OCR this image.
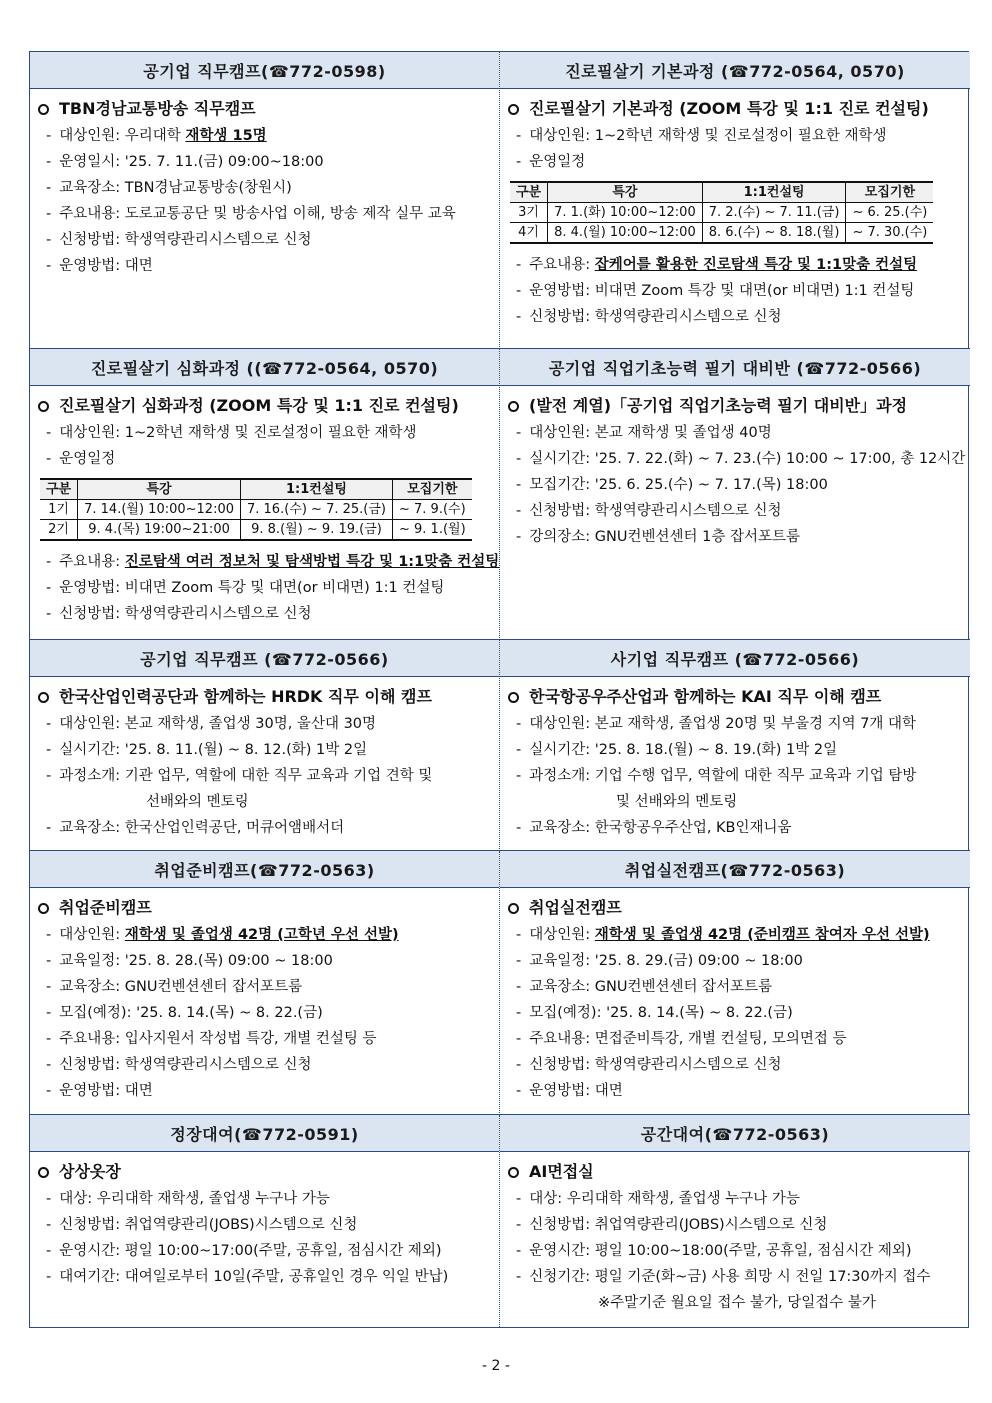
공기업 직무캠프(☎772-0598)
TBN경남교통방송 직무캠프
- 대상인원: 우리대학 재학생 15명
- 운영일시: '25. 7. 11.(금) 09:00~18:00
- 교육장소: TBN경남교통방송(창원시)
- 주요내용: 도로교통공단 및 방송사업 이해, 방송 제작 실무 교육
- 신청방법: 학생역량관리시스템으로 신청
- 운영방법: 대면
진로필살기 기본과정 (☎772-0564, 0570)
진로필살기 기본과정 (ZOOM 특강 및 1:1 진로 컨설팅)
- 대상인원: 1~2학년 재학생 및 진로설정이 필요한 재학생
- 운영일정
구분	특강	1:1컨설팅	모집기한
3기	7. 1.(화) 10:00~12:00	7. 2.(수) ~ 7. 11.(금)	~ 6. 25.(수)
4기	8. 4.(월) 10:00~12:00	8. 6.(수) ~ 8. 18.(월)	~ 7. 30.(수)
- 주요내용: 잡케어를 활용한 진로탐색 특강 및 1:1맞춤 컨설팅
- 운영방법: 비대면 Zoom 특강 및 대면(or 비대면) 1:1 컨설팅
- 신청방법: 학생역량관리시스템으로 신청
진로필살기 심화과정 ((☎772-0564, 0570)
진로필살기 심화과정 (ZOOM 특강 및 1:1 진로 컨설팅)
- 대상인원: 1~2학년 재학생 및 진로설정이 필요한 재학생
- 운영일정
구분	특강	1:1컨설팅	모집기한
1기	7. 14.(월) 10:00~12:00	7. 16.(수) ~ 7. 25.(금)	~ 7. 9.(수)
2기	9. 4.(목) 19:00~21:00	9. 8.(월) ~ 9. 19.(금)	~ 9. 1.(월)
- 주요내용: 진로탐색 여러 정보처 및 탐색방법 특강 및 1:1맞춤 컨설팅
- 운영방법: 비대면 Zoom 특강 및 대면(or 비대면) 1:1 컨설팅
- 신청방법: 학생역량관리시스템으로 신청
공기업 직업기초능력 필기 대비반 (☎772-0566)
(발전 계열)「공기업 직업기초능력 필기 대비반」과정
- 대상인원: 본교 재학생 및 졸업생 40명
- 실시기간: '25. 7. 22.(화) ~ 7. 23.(수) 10:00 ~ 17:00, 총 12시간
- 모집기간: '25. 6. 25.(수) ~ 7. 17.(목) 18:00
- 신청방법: 학생역량관리시스템으로 신청
- 강의장소: GNU컨벤션센터 1층 잡서포트룸
공기업 직무캠프 (☎772-0566)
한국산업인력공단과 함께하는 HRDK 직무 이해 캠프
- 대상인원: 본교 재학생, 졸업생 30명, 울산대 30명
- 실시기간: '25. 8. 11.(월) ~ 8. 12.(화) 1박 2일
- 과정소개: 기관 업무, 역할에 대한 직무 교육과 기업 견학 및
선배와의 멘토링
- 교육장소: 한국산업인력공단, 머큐어앰배서더
사기업 직무캠프 (☎772-0566)
한국항공우주산업과 함께하는 KAI 직무 이해 캠프
- 대상인원: 본교 재학생, 졸업생 20명 및 부울경 지역 7개 대학
- 실시기간: '25. 8. 18.(월) ~ 8. 19.(화) 1박 2일
- 과정소개: 기업 수행 업무, 역할에 대한 직무 교육과 기업 탐방
및 선배와의 멘토링
- 교육장소: 한국항공우주산업, KB인재니움
취업준비캠프(☎772-0563)
취업준비캠프
- 대상인원: 재학생 및 졸업생 42명 (고학년 우선 선발)
- 교육일정: '25. 8. 28.(목) 09:00 ~ 18:00
- 교육장소: GNU컨벤션센터 잡서포트룸
- 모집(예정): '25. 8. 14.(목) ~ 8. 22.(금)
- 주요내용: 입사지원서 작성법 특강, 개별 컨설팅 등
- 신청방법: 학생역량관리시스템으로 신청
- 운영방법: 대면
취업실전캠프(☎772-0563)
취업실전캠프
- 대상인원: 재학생 및 졸업생 42명 (준비캠프 참여자 우선 선발)
- 교육일정: '25. 8. 29.(금) 09:00 ~ 18:00
- 교육장소: GNU컨벤션센터 잡서포트룸
- 모집(예정): '25. 8. 14.(목) ~ 8. 22.(금)
- 주요내용: 면접준비특강, 개별 컨설팅, 모의면접 등
- 신청방법: 학생역량관리시스템으로 신청
- 운영방법: 대면
정장대여(☎772-0591)
상상옷장
- 대상: 우리대학 재학생, 졸업생 누구나 가능
- 신청방법: 취업역량관리(JOBS)시스템으로 신청
- 운영시간: 평일 10:00~17:00(주말, 공휴일, 점심시간 제외)
- 대여기간: 대여일로부터 10일(주말, 공휴일인 경우 익일 반납)
공간대여(☎772-0563)
AI면접실
- 대상: 우리대학 재학생, 졸업생 누구나 가능
- 신청방법: 취업역량관리(JOBS)시스템으로 신청
- 운영시간: 평일 10:00~18:00(주말, 공휴일, 점심시간 제외)
- 신청기간: 평일 기준(화~금) 사용 희망 시 전일 17:30까지 접수
※주말기준 월요일 접수 불가, 당일접수 불가
- 2 -
